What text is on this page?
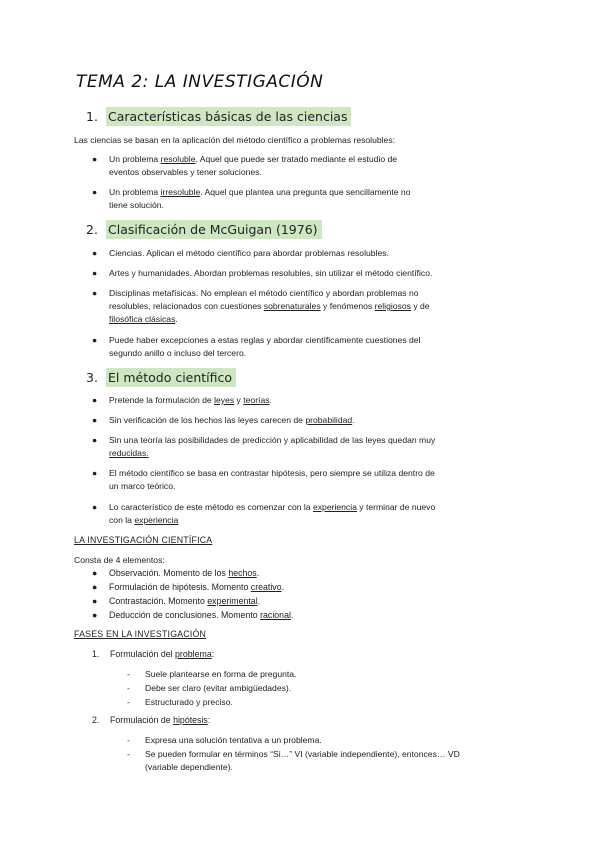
TEMA 2: LA INVESTIGACIÓN
1. Características básicas de las ciencias
Las ciencias se basan en la aplicación del método científico a problemas resolubles:
● Un problema resoluble. Aquel que puede ser tratado mediante el estudio de
eventos observables y tener soluciones.
● Un problema irresoluble. Aquel que plantea una pregunta que sencillamente no
tiene solución.
2. Clasificación de McGuigan (1976)
● Ciencias. Aplican el método científico para abordar problemas resolubles.
● Artes y humanidades. Abordan problemas resolubles, sin utilizar el método científico.
● Disciplinas metafísicas. No emplean el método científico y abordan problemas no
resolubles, relacionados con cuestiones sobrenaturales y fenómenos religiosos y de
filosófica clásicas.
● Puede haber excepciones a estas reglas y abordar científicamente cuestiones del
segundo anillo o incluso del tercero.
3. El método científico
● Pretende la formulación de leyes y teorías.
● Sin verificación de los hechos las leyes carecen de probabilidad.
● Sin una teoría las posibilidades de predicción y aplicabilidad de las leyes quedan muy
reducidas.
● El método científico se basa en contrastar hipótesis, pero siempre se utiliza dentro de
un marco teórico.
● Lo característico de este método es comenzar con la experiencia y terminar de nuevo
con la experiencia
LA INVESTIGACIÓN CIENTÍFICA
Consta de 4 elementos:
● Observación. Momento de los hechos.
● Formulación de hipótesis. Momento creativo.
● Contrastación. Momento experimental.
● Deducción de conclusiones. Momento racional.
FASES EN LA INVESTIGACIÓN
1. Formulación del problema:
- Suele plantearse en forma de pregunta.
- Debe ser claro (evitar ambigüedades).
- Estructurado y preciso.
2. Formulación de hipótesis:
- Expresa una solución tentativa a un problema.
- Se pueden formular en términos “Si…” VI (variable independiente), entonces… VD
(variable dependiente).
